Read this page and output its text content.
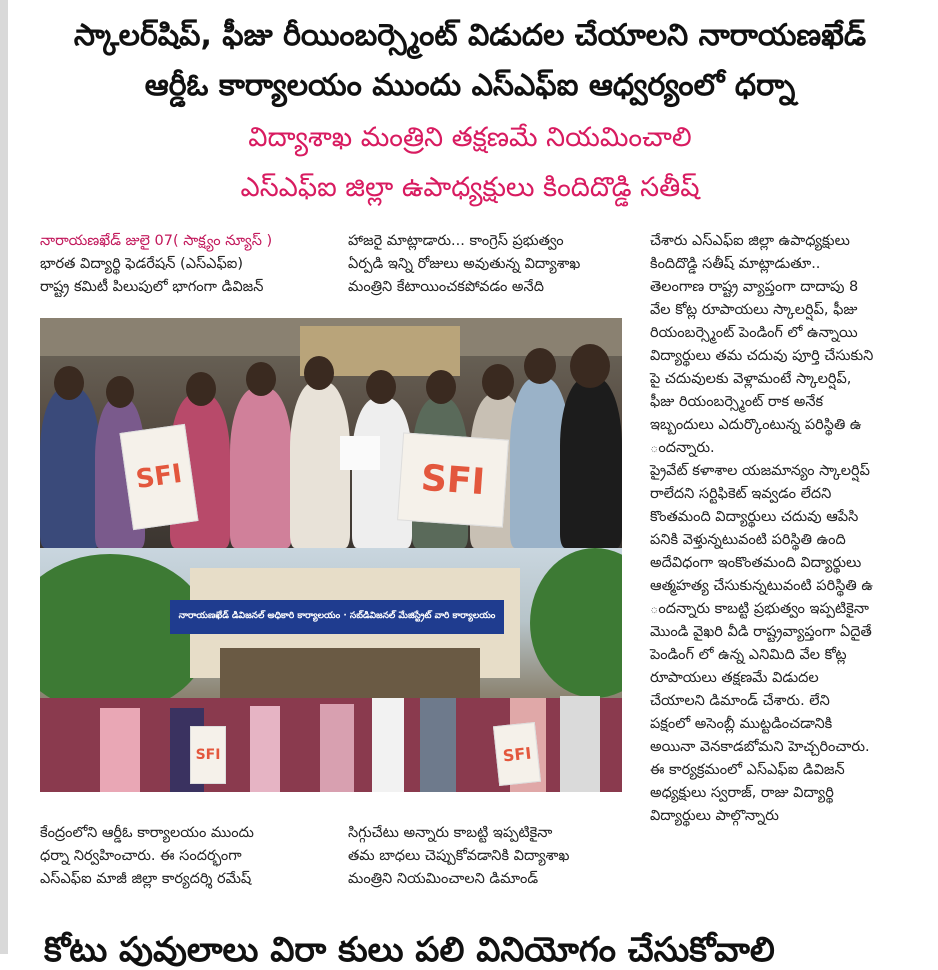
స్కాలర్‌షిప్, ఫీజు రీయింబర్స్మెంట్ విడుదల చేయాలని నారాయణఖేడ్
ఆర్డీఓ కార్యాలయం ముందు ఎస్ఎఫ్ఐ ఆధ్వర్యంలో ధర్నా
విద్యాశాఖ మంత్రిని తక్షణమే నియమించాలి
ఎస్ఎఫ్ఐ జిల్లా ఉపాధ్యక్షులు కిందిదొడ్డి సతీష్

నారాయణఖేడ్ జులై 07( సాక్ష్యం న్యూస్ )

భారత విద్యార్థి ఫెడరేషన్ (ఎస్ఎఫ్ఐ)

రాష్ట్ర కమిటీ పిలుపులో భాగంగా డివిజన్

హాజరై మాట్లాడారు... కాంగ్రెస్ ప్రభుత్వం

ఏర్పడి ఇన్ని రోజులు అవుతున్న విద్యాశాఖ

మంత్రిని కేటాయించకపోవడం అనేది

చేశారు ఎస్ఎఫ్ఐ జిల్లా ఉపాధ్యక్షులు

కిందిదొడ్డి సతీష్ మాట్లాడుతూ..

తెలంగాణ రాష్ట్ర వ్యాప్తంగా దాదాపు 8

వేల కోట్ల రూపాయలు స్కాలర్షిప్, ఫీజు

రియంబర్స్మెంట్ పెండింగ్ లో ఉన్నాయి

విద్యార్థులు తమ చదువు పూర్తి చేసుకుని

పై చదువులకు వెళ్లామంటే స్కాలర్షిప్,

ఫీజు రియంబర్స్మెంట్ రాక అనేక

ఇబ్బందులు ఎదుర్కొంటున్న పరిస్థితి ఉ

ందన్నారు.

ప్రైవేట్ కళాశాల యజమాన్యం స్కాలర్షిప్

రాలేదని సర్టిఫికెట్ ఇవ్వడం లేదని

కొంతమంది విద్యార్థులు చదువు ఆపేసి

పనికి వెళ్తున్నటువంటి పరిస్థితి ఉంది

అదేవిధంగా ఇంకొంతమంది విద్యార్థులు

ఆత్మహత్య చేసుకున్నటువంటి పరిస్థితి ఉ

ందన్నారు కాబట్టి ప్రభుత్వం ఇప్పటికైనా

మొండి వైఖరి వీడి రాష్ట్రవ్యాప్తంగా ఏదైతే

పెండింగ్ లో ఉన్న ఎనిమిది వేల కోట్ల

రూపాయలు తక్షణమే విడుదల

చేయాలని డిమాండ్ చేశారు. లేని

పక్షంలో అసెంబ్లీ ముట్టడించడానికి

అయినా వెనకాడబోమని హెచ్చరించారు.

ఈ కార్యక్రమంలో ఎస్ఎఫ్ఐ డివిజన్

అధ్యక్షులు స్వరాజ్, రాజు విద్యార్థి

విద్యార్థులు పాల్గొన్నారు

SFI	SFI
నారాయణఖేడ్ డివిజనల్ అధికారి కార్యాలయం · సబ్‌డివిజనల్ మేజిస్ట్రేట్ వారి కార్యాలయం
SFI	SFI

కేంద్రంలోని ఆర్డీఓ కార్యాలయం ముందు

ధర్నా నిర్వహించారు. ఈ సందర్భంగా

ఎస్ఎఫ్ఐ మాజీ జిల్లా కార్యదర్శి రమేష్

సిగ్గుచేటు అన్నారు కాబట్టి ఇప్పటికైనా

తమ బాధలు చెప్పుకోవడానికి విద్యాశాఖ

మంత్రిని నియమించాలని డిమాండ్

కోటు పువులాలు విరా కులు పలి వినియోగం చేసుకోవాలి
